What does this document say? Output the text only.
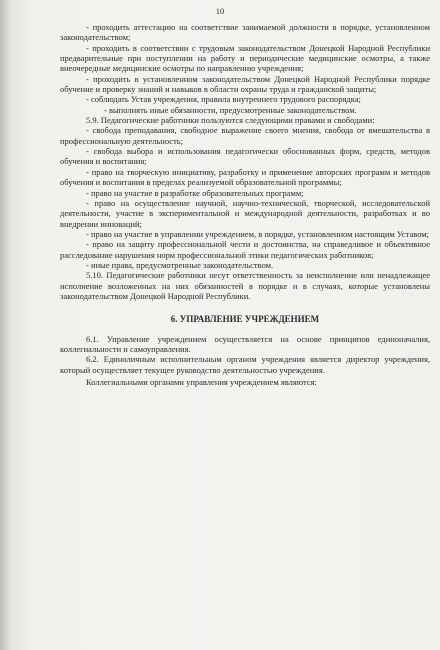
10

- проходить аттестацию на соответствие занимаемой должности в порядке, установленном законодательством;

- проходить в соответствии с трудовым законодательством Донецкой Народной Республики предварительные при поступлении на работу и периодические медицинские осмотры, а также внеочередные медицинские осмотры по направлению учреждения;

- проходить в установленном законодательством Донецкой Народной Республики порядке обучение и проверку знаний и навыков в области охраны труда и гражданской защиты;

- соблюдать Устав учреждения, правила внутреннего трудового распорядка;

- выполнять иные обязанности, предусмотренные законодательством.

5.9. Педагогические работники пользуются следующими правами и свободами:

- свобода преподавания, свободное выражение своего мнения, свобода от вмешательства в профессиональную деятельность;

- свобода выбора и использования педагогически обоснованных форм, средств, методов обучения и воспитания;

- право на творческую инициативу, разработку и применение авторских программ и методов обучения и воспитания в пределах реализуемой образовательной программы;

- право на участие в разработке образовательных программ;

- право на осуществление научной, научно-технической, творческой, исследовательской деятельности, участие в экспериментальной и международной деятельности, разработках и во внедрении инноваций;

- право на участие в управлении учреждением, в порядке, установленном настоящим Уставом;

- право на защиту профессиональной чести и достоинства, на справедливое и объективное расследование нарушения норм профессиональной этики педагогических работников;

- иные права, предусмотренные законодательством.

5.10. Педагогические работники несут ответственность за неисполнение или ненадлежащее исполнение возложенных на них обязанностей в порядке и в случаях, которые установлены законодательством Донецкой Народной Республики.

6. УПРАВЛЕНИЕ УЧРЕЖДЕНИЕМ

6.1. Управление учреждением осуществляется на основе принципов единоначалия, коллегиальности и самоуправления.

6.2. Единоличным исполнительным органом учреждения является директор учреждения, который осуществляет текущее руководство деятельностью учреждения.

Коллегиальными органами управления учреждением являются:
